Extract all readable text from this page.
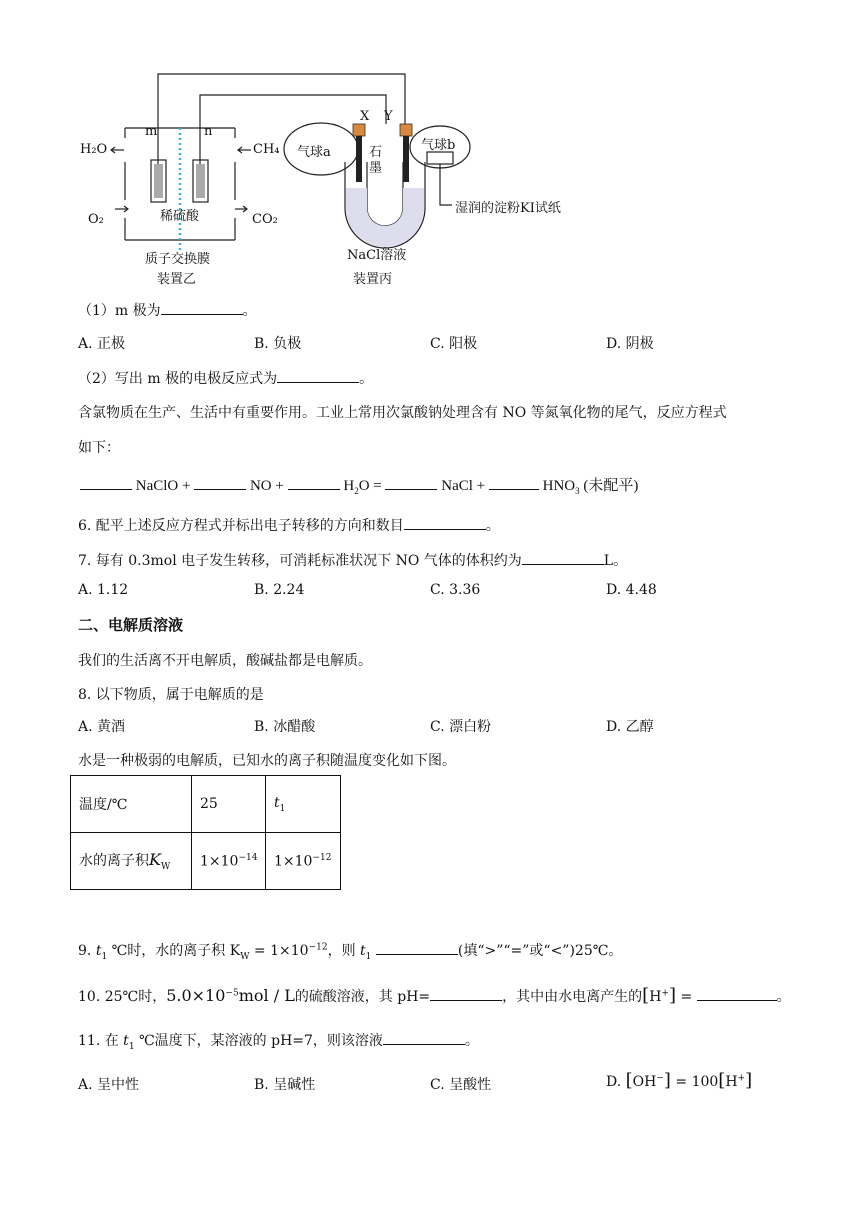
m	n
H₂O
O₂
CH₄
CO₂
稀硫酸
质子交换膜
装置乙
X Y
气球a	气球b
石
墨
湿润的淀粉KI试纸
NaCl溶液
装置丙
（1）m 极为	。
A. 正极	B. 负极	C. 阳极	D. 阴极
（2）写出 m 极的电极反应式为	。
含氯物质在生产、生活中有重要作用。工业上常用次氯酸钠处理含有 NO 等氮氧化物的尾气，反应方程式
如下：
NaClO +	NO +	$H_2O$ =	NaCl +	$HNO_3$ (未配平)
6. 配平上述反应方程式并标出电子转移的方向和数目	。
7. 每有 0.3mol 电子发生转移，可消耗标准状况下 NO 气体的体积约为	L。
A. 1.12	B. 2.24	C. 3.36	D. 4.48
二、电解质溶液
我们的生活离不开电解质，酸碱盐都是电解质。
8. 以下物质，属于电解质的是
A. 黄酒	B. 冰醋酸	C. 漂白粉	D. 乙醇
水是一种极弱的电解质，已知水的离子积随温度变化如下图。
温度/℃	25	$t_1$
水的离子积$K_W$	$1\times 10^{-14}$	$1\times 10^{-12}$
9. $t_1$ ℃时，水的离子积 $K_W = 1\times 10^{-12}$，则 $t_1$	(填“>”“=”或“<”)25℃。
10. 25℃时，$5.0\times 10^{-5}mol / L$的硫酸溶液，其 pH=	，其中由水电离产生的[H+] =	。
11. 在 $t_1$ ℃温度下，某溶液的 pH=7，则该溶液	。
A. 呈中性	B. 呈碱性	C. 呈酸性	D. [OH−] = 100[H+]
